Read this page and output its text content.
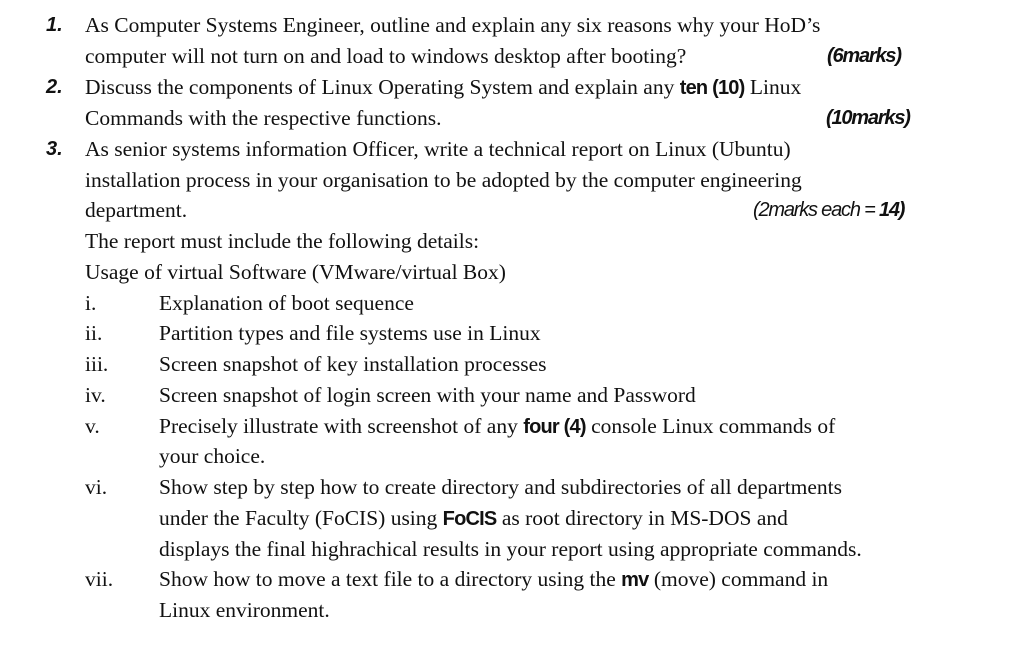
1. As Computer Systems Engineer, outline and explain any six reasons why your HoD’s
computer will not turn on and load to windows desktop after booting?	(6marks)
2. Discuss the components of Linux Operating System and explain any ten (10) Linux
Commands with the respective functions.	(10marks)
3. As senior systems information Officer, write a technical report on Linux (Ubuntu)
installation process in your organisation to be adopted by the computer engineering
department.	(2marks each = 14)
The report must include the following details:
Usage of virtual Software (VMware/virtual Box)
i.	Explanation of boot sequence
ii.	Partition types and file systems use in Linux
iii. Screen snapshot of key installation processes
iv. Screen snapshot of login screen with your name and Password
v.	Precisely illustrate with screenshot of any four (4) console Linux commands of
your choice.
vi. Show step by step how to create directory and subdirectories of all departments
under the Faculty (FoCIS) using FoCIS as root directory in MS-DOS and
displays the final highrachical results in your report using appropriate commands.
vii. Show how to move a text file to a directory using the mv (move) command in
Linux environment.
